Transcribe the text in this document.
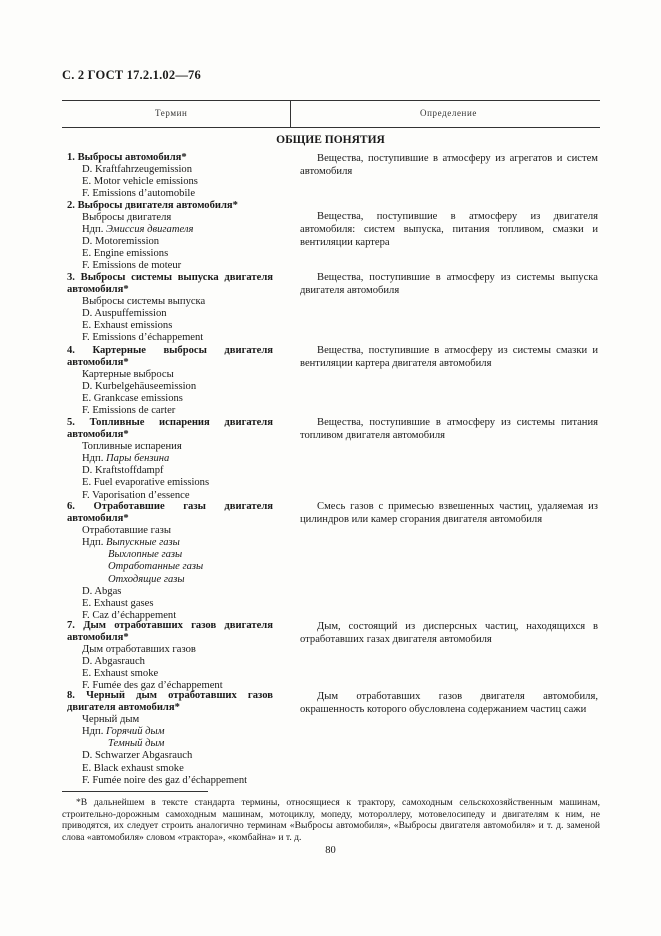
С. 2 ГОСТ 17.2.1.02—76
Термин	Определение
ОБЩИЕ ПОНЯТИЯ
1. Выбросы автомобиля*
D. Kraftfahrzeugemission
E. Motor vehicle emissions
F. Emissions d’automobile
Вещества, поступившие в атмосферу из агрегатов и систем автомобиля
2. Выбросы двигателя автомобиля*
Выбросы двигателя
Ндп. Эмиссия двигателя
D. Motoremission
E. Engine emissions
F. Emissions de moteur
Вещества, поступившие в атмосферу из двигателя автомобиля: систем выпуска, питания топливом, смазки и вентиляции картера
3. Выбросы системы выпуска двигателя автомобиля*
Выбросы системы выпуска
D. Auspuffemission
E. Exhaust emissions
F. Emissions d’échappement
Вещества, поступившие в атмосферу из системы выпуска двигателя автомобиля
4. Картерные выбросы двигателя автомобиля*
Картерные выбросы
D. Kurbelgehäuseemission
E. Grankcase emissions
F. Emissions de carter
Вещества, поступившие в атмосферу из системы смазки и вентиляции картера двигателя автомобиля
5. Топливные испарения двигателя автомобиля*
Топливные испарения
Ндп. Пары бензина
D. Kraftstoffdampf
E. Fuel evaporative emissions
F. Vaporisation d’essence
Вещества, поступившие в атмосферу из системы питания топливом двигателя автомобиля
6. Отработавшие газы двигателя автомобиля*
Отработавшие газы
Ндп. Выпускные газы
Выхлопные газы
Отработанные газы
Отходящие газы
D. Abgas
E. Exhaust gases
F. Caz d’échappement
Смесь газов с примесью взвешенных частиц, удаляемая из цилиндров или камер сгорания двигателя автомобиля
7. Дым отработавших газов двигателя автомобиля*
Дым отработавших газов
D. Abgasrauch
E. Exhaust smoke
F. Fumée des gaz d’échappement
Дым, состоящий из дисперсных частиц, находящихся в отработавших газах двигателя автомобиля
8. Черный дым отработавших газов двигателя автомобиля*
Черный дым
Ндп. Горячий дым
Темный дым
D. Schwarzer Abgasrauch
E. Black exhaust smoke
F. Fumée noire des gaz d’échappement
Дым отработавших газов двигателя автомобиля, окрашенность которого обусловлена содержанием частиц сажи
*В дальнейшем в тексте стандарта термины, относящиеся к трактору, самоходным сельскохозяйственным машинам, строительно-дорожным самоходным машинам, мотоциклу, мопеду, мотороллеру, мотовелосипеду и двигателям к ним, не приводятся, их следует строить аналогично терминам «Выбросы автомобиля», «Выбросы двигателя автомобиля» и т. д. заменой слова «автомобиля» словом «трактора», «комбайна» и т. д.
80
